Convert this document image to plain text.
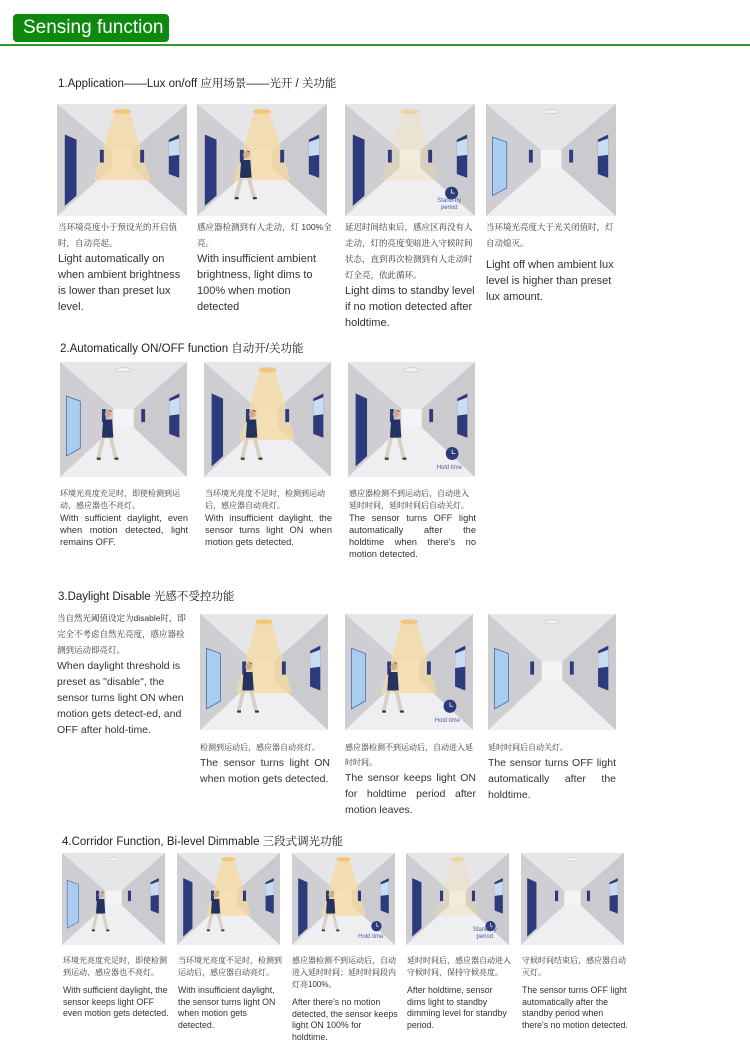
Sensing function
1.Application——Lux on/off 应用场景——光开 / 关功能
Stand-by period
当环境亮度小于预设光的开启值时，自动亮起。
Light automatically on when ambient brightness is lower than preset lux level.
感应器检测到有人走动，灯 100%全亮。
With insufficient ambient brightness, light dims to 100% when motion detected
延迟时间结束后，感应区再没有人走动，灯的亮度变暗进入守候时间状态，直到再次检测到有人走动时灯全亮，依此循环。
Light dims to standby level if no motion detected after holdtime.
当环境光亮度大于光关闭值时，灯自动熄灭。
Light off when ambient lux level is higher than preset lux amount.
2.Automatically ON/OFF function 自动开/关功能
Hold time
环境光亮度充足时，即使检测到运动，感应器也不亮灯。
With sufficient daylight, even when motion detected, light remains OFF.
当环境光亮度不足时，检测到运动后，感应器自动亮灯。
With insufficient daylight, the sensor turns light ON when motion gets detected.
感应器检测不到运动后，自动进入延时时间，延时时间后自动关灯。
The sensor turns OFF light automatically after the holdtime when there's no motion detected.
3.Daylight Disable 光感不受控功能
当自然光阈值设定为disable时，即完全不考虑自然光亮度，感应器检测到运动即亮灯。
When daylight threshold is preset as "disable", the sensor turns light ON when motion gets detect-ed, and OFF after hold-time.
Hold time
检测到运动后，感应器自动亮灯。
The sensor turns light ON when motion gets detected.
感应器检测不到运动后，自动进入延时时间。
The sensor keeps light ON for holdtime period after motion leaves.
延时时间后自动关灯。
The sensor turns OFF light automatically after the holdtime.
4.Corridor Function, Bi-level Dimmable 三段式调光功能
Hold time
Stand-by period
环境光亮度充足时，即使检测到运动，感应器也不亮灯。
With sufficient daylight, the sensor keeps light OFF even motion gets detected.
当环境光亮度不足时，检测到运动后，感应器自动亮灯。
With insufficient daylight, the sensor turns light ON when motion gets detected.
感应器检测不到运动后，自动进入延时时间；延时时间段内灯亮100%。
After there's no motion detected, the sensor keeps light ON 100% for holdtime.
延时时间后，感应器自动进入守候时间，保持守候亮度。
After holdtime, sensor dims light to standby dimming level for standby period.
守候时间结束后，感应器自动灭灯。
The sensor turns OFF light automatically after the standby period when there's no motion detected.
